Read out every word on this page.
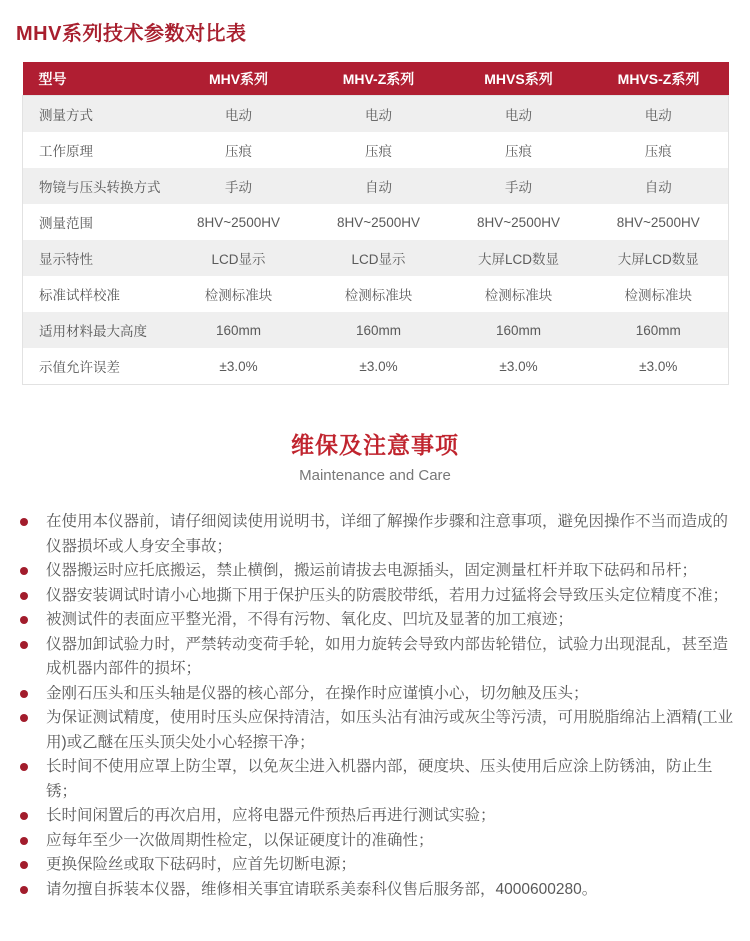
MHV系列技术参数对比表
型号	MHV系列	MHV-Z系列	MHVS系列	MHVS-Z系列
测量方式	电动	电动	电动	电动
工作原理	压痕	压痕	压痕	压痕
物镜与压头转换方式	手动	自动	手动	自动
测量范围	8HV~2500HV	8HV~2500HV	8HV~2500HV	8HV~2500HV
显示特性	LCD显示	LCD显示	大屏LCD数显	大屏LCD数显
标准试样校准	检测标准块	检测标准块	检测标准块	检测标准块
适用材料最大高度	160mm	160mm	160mm	160mm
示值允许误差	±3.0%	±3.0%	±3.0%	±3.0%
维保及注意事项
Maintenance and Care
在使用本仪器前，请仔细阅读使用说明书，详细了解操作步骤和注意事项，避免因操作不当而造成的仪器损坏或人身安全事故；
仪器搬运时应托底搬运，禁止横倒，搬运前请拔去电源插头，固定测量杠杆并取下砝码和吊杆；
仪器安装调试时请小心地撕下用于保护压头的防震胶带纸，若用力过猛将会导致压头定位精度不准；
被测试件的表面应平整光滑，不得有污物、氧化皮、凹坑及显著的加工痕迹；
仪器加卸试验力时，严禁转动变荷手轮，如用力旋转会导致内部齿轮错位，试验力出现混乱，甚至造成机器内部件的损坏；
金刚石压头和压头轴是仪器的核心部分，在操作时应谨慎小心，切勿触及压头；
为保证测试精度，使用时压头应保持清洁，如压头沾有油污或灰尘等污渍，可用脱脂绵沾上酒精(工业用)或乙醚在压头顶尖处小心轻擦干净；
长时间不使用应罩上防尘罩，以免灰尘进入机器内部，硬度块、压头使用后应涂上防锈油，防止生锈；
长时间闲置后的再次启用，应将电器元件预热后再进行测试实验；
应每年至少一次做周期性检定，以保证硬度计的准确性；
更换保险丝或取下砝码时，应首先切断电源；
请勿擅自拆装本仪器，维修相关事宜请联系美泰科仪售后服务部，4000600280。
